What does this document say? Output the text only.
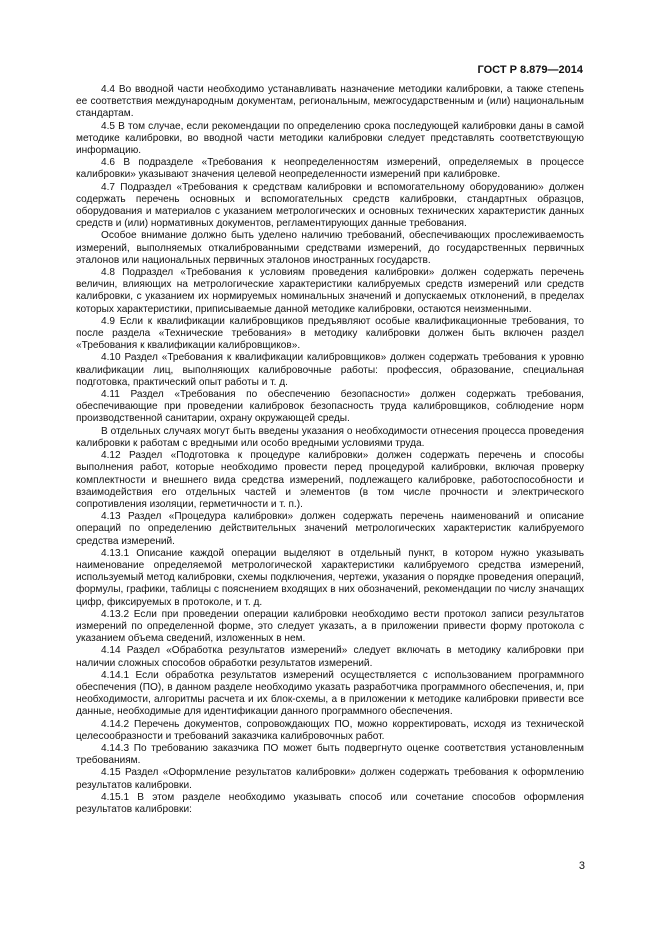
ГОСТ Р 8.879—2014

4.4 Во вводной части необходимо устанавливать назначение методики калибровки, а также степень ее соответствия международным документам, региональным, межгосударственным и (или) национальным стандартам.

4.5 В том случае, если рекомендации по определению срока последующей калибровки даны в самой методике калибровки, во вводной части методики калибровки следует представлять соответствующую информацию.

4.6 В подразделе «Требования к неопределенностям измерений, определяемых в процессе калибровки» указывают значения целевой неопределенности измерений при калибровке.

4.7 Подраздел «Требования к средствам калибровки и вспомогательному оборудованию» должен содержать перечень основных и вспомогательных средств калибровки, стандартных образцов, оборудования и материалов с указанием метрологических и основных технических характеристик данных средств и (или) нормативных документов, регламентирующих данные требования.

Особое внимание должно быть уделено наличию требований, обеспечивающих прослеживаемость измерений, выполняемых откалиброванными средствами измерений, до государственных первичных эталонов или национальных первичных эталонов иностранных государств.

4.8 Подраздел «Требования к условиям проведения калибровки» должен содержать перечень величин, влияющих на метрологические характеристики калибруемых средств измерений или средств калибровки, с указанием их нормируемых номинальных значений и допускаемых отклонений, в пределах которых характеристики, приписываемые данной методике калибровки, остаются неизменными.

4.9 Если к квалификации калибровщиков предъявляют особые квалификационные требования, то после раздела «Технические требования» в методику калибровки должен быть включен раздел «Требования к квалификации калибровщиков».

4.10 Раздел «Требования к квалификации калибровщиков» должен содержать требования к уровню квалификации лиц, выполняющих калибровочные работы: профессия, образование, специальная подготовка, практический опыт работы и т. д.

4.11 Раздел «Требования по обеспечению безопасности» должен содержать требования, обеспечивающие при проведении калибровок безопасность труда калибровщиков, соблюдение норм производственной санитарии, охрану окружающей среды.

В отдельных случаях могут быть введены указания о необходимости отнесения процесса проведения калибровки к работам с вредными или особо вредными условиями труда.

4.12 Раздел «Подготовка к процедуре калибровки» должен содержать перечень и способы выполнения работ, которые необходимо провести перед процедурой калибровки, включая проверку комплектности и внешнего вида средства измерений, подлежащего калибровке, работоспособности и взаимодействия его отдельных частей и элементов (в том числе прочности и электрического сопротивления изоляции, герметичности и т. п.).

4.13 Раздел «Процедура калибровки» должен содержать перечень наименований и описание операций по определению действительных значений метрологических характеристик калибруемого средства измерений.

4.13.1 Описание каждой операции выделяют в отдельный пункт, в котором нужно указывать наименование определяемой метрологической характеристики калибруемого средства измерений, используемый метод калибровки, схемы подключения, чертежи, указания о порядке проведения операций, формулы, графики, таблицы с пояснением входящих в них обозначений, рекомендации по числу значащих цифр, фиксируемых в протоколе, и т. д.

4.13.2 Если при проведении операции калибровки необходимо вести протокол записи результатов измерений по определенной форме, это следует указать, а в приложении привести форму протокола с указанием объема сведений, изложенных в нем.

4.14 Раздел «Обработка результатов измерений» следует включать в методику калибровки при наличии сложных способов обработки результатов измерений.

4.14.1 Если обработка результатов измерений осуществляется с использованием программного обеспечения (ПО), в данном разделе необходимо указать разработчика программного обеспечения, и, при необходимости, алгоритмы расчета и их блок-схемы, а в приложении к методике калибровки привести все данные, необходимые для идентификации данного программного обеспечения.

4.14.2 Перечень документов, сопровождающих ПО, можно корректировать, исходя из технической целесообразности и требований заказчика калибровочных работ.

4.14.3 По требованию заказчика ПО может быть подвергнуто оценке соответствия установленным требованиям.

4.15 Раздел «Оформление результатов калибровки» должен содержать требования к оформлению результатов калибровки.

4.15.1 В этом разделе необходимо указывать способ или сочетание способов оформления результатов калибровки:

3
